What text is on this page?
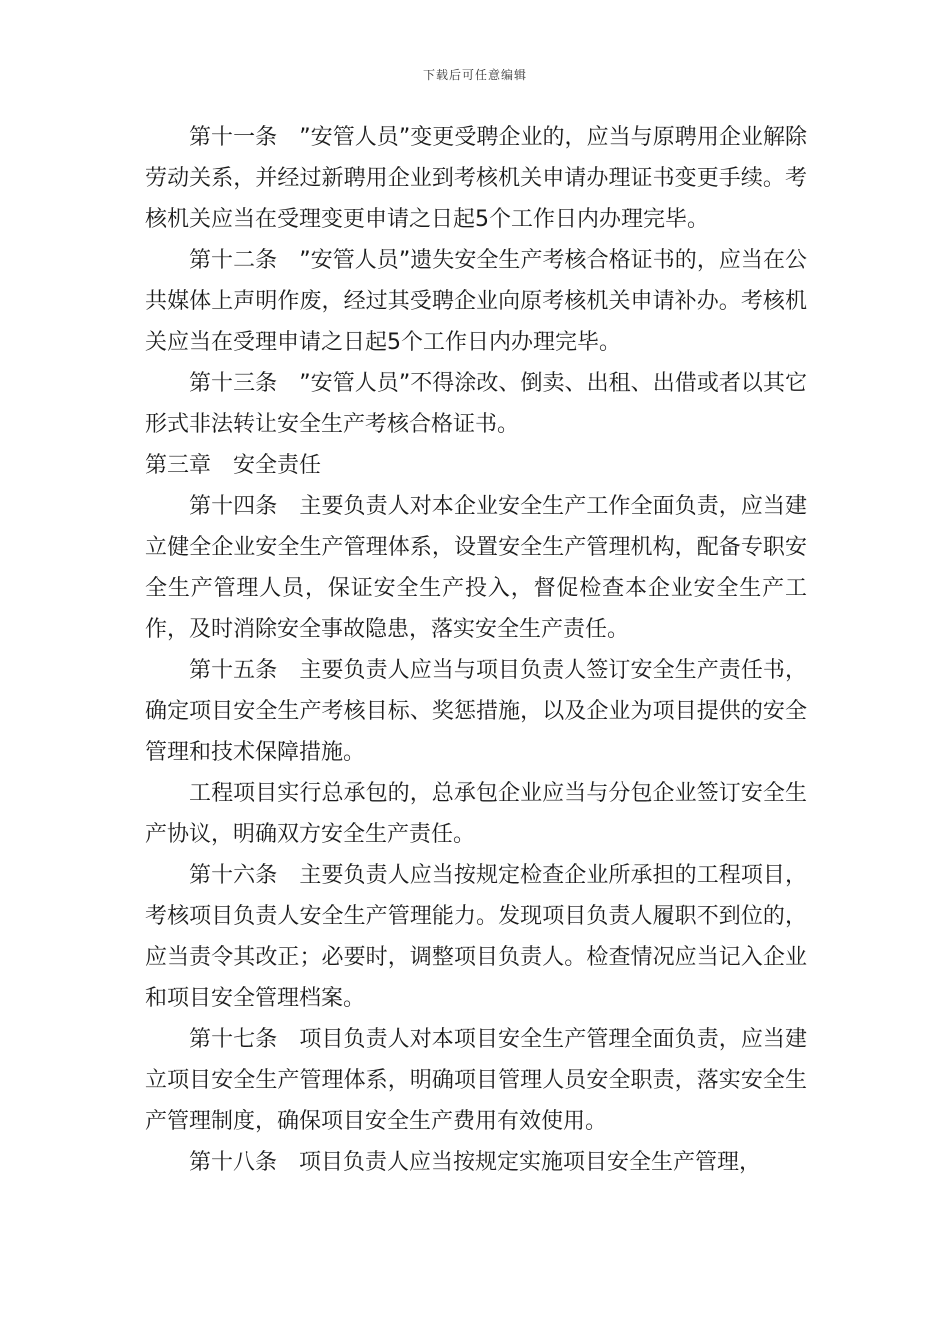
下载后可任意编辑

第十一条　”安管人员”变更受聘企业的，应当与原聘用企业解除劳动关系，并经过新聘用企业到考核机关申请办理证书变更手续。考核机关应当在受理变更申请之日起5个工作日内办理完毕。

第十二条　”安管人员”遗失安全生产考核合格证书的，应当在公共媒体上声明作废，经过其受聘企业向原考核机关申请补办。考核机关应当在受理申请之日起5个工作日内办理完毕。

第十三条　”安管人员”不得涂改、倒卖、出租、出借或者以其它形式非法转让安全生产考核合格证书。

第三章　安全责任

第十四条　主要负责人对本企业安全生产工作全面负责，应当建立健全企业安全生产管理体系，设置安全生产管理机构，配备专职安全生产管理人员，保证安全生产投入，督促检查本企业安全生产工作，及时消除安全事故隐患，落实安全生产责任。

第十五条　主要负责人应当与项目负责人签订安全生产责任书，确定项目安全生产考核目标、奖惩措施，以及企业为项目提供的安全管理和技术保障措施。

工程项目实行总承包的，总承包企业应当与分包企业签订安全生产协议，明确双方安全生产责任。

第十六条　主要负责人应当按规定检查企业所承担的工程项目，考核项目负责人安全生产管理能力。发现项目负责人履职不到位的，应当责令其改正；必要时，调整项目负责人。检查情况应当记入企业和项目安全管理档案。

第十七条　项目负责人对本项目安全生产管理全面负责，应当建立项目安全生产管理体系，明确项目管理人员安全职责，落实安全生产管理制度，确保项目安全生产费用有效使用。

第十八条　项目负责人应当按规定实施项目安全生产管理，
